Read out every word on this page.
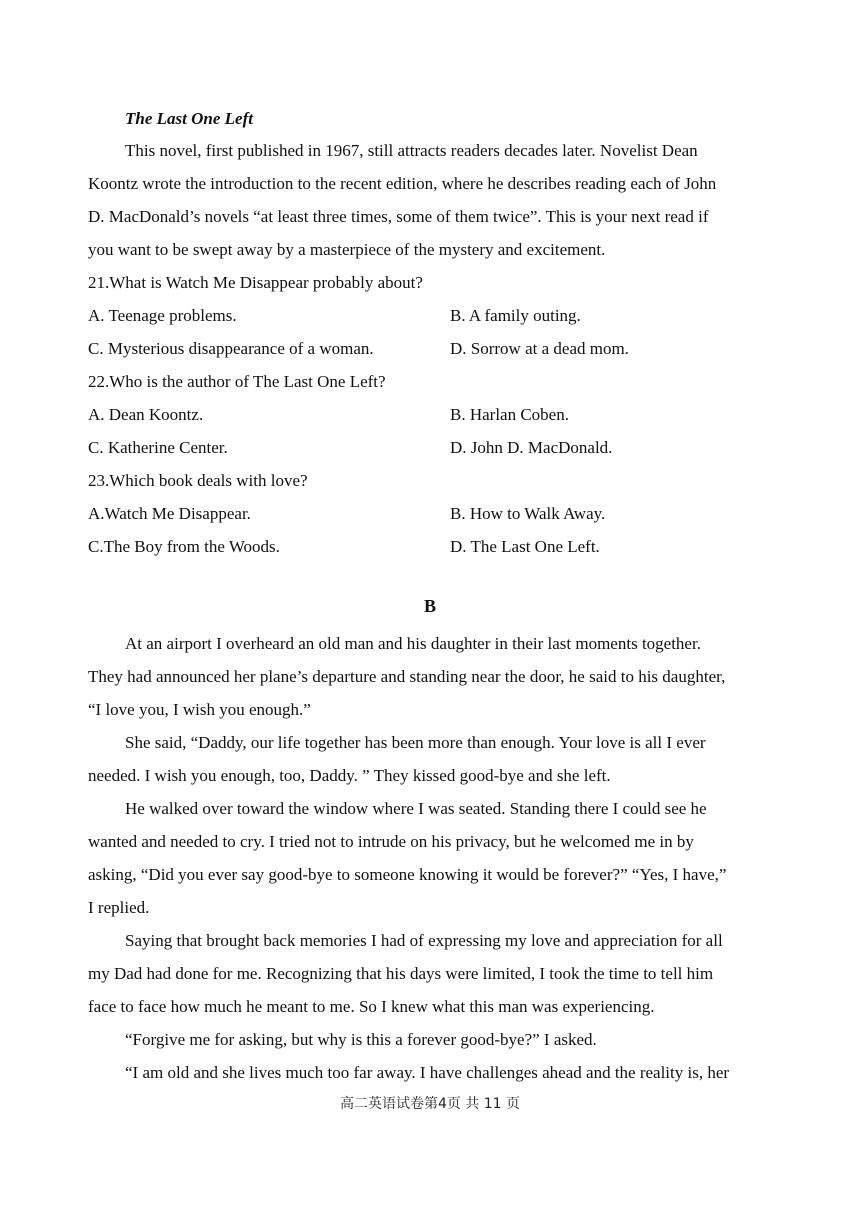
The Last One Left

This novel, first published in 1967, still attracts readers decades later. Novelist Dean

Koontz wrote the introduction to the recent edition, where he describes reading each of John

D. MacDonald’s novels “at least three times, some of them twice”. This is your next read if

you want to be swept away by a masterpiece of the mystery and excitement.

21.What is Watch Me Disappear probably about?

A. Teenage problems.	B. A family outing.
C. Mysterious disappearance of a woman.	D. Sorrow at a dead mom.

22.Who is the author of The Last One Left?

A. Dean Koontz.	B. Harlan Coben.
C. Katherine Center.	D. John D. MacDonald.

23.Which book deals with love?

A.Watch Me Disappear.	B. How to Walk Away.
C.The Boy from the Woods.	D. The Last One Left.
B

At an airport I overheard an old man and his daughter in their last moments together.

They had announced her plane’s departure and standing near the door, he said to his daughter,

“I love you, I wish you enough.”

She said, “Daddy, our life together has been more than enough. Your love is all I ever

needed. I wish you enough, too, Daddy. ” They kissed good-bye and she left.

He walked over toward the window where I was seated. Standing there I could see he

wanted and needed to cry. I tried not to intrude on his privacy, but he welcomed me in by

asking, “Did you ever say good-bye to someone knowing it would be forever?” “Yes, I have,”

I replied.

Saying that brought back memories I had of expressing my love and appreciation for all

my Dad had done for me. Recognizing that his days were limited, I took the time to tell him

face to face how much he meant to me. So I knew what this man was experiencing.

“Forgive me for asking, but why is this a forever good-bye?” I asked.

“I am old and she lives much too far away. I have challenges ahead and the reality is, her

高二英语试卷第4页 共 11 页
